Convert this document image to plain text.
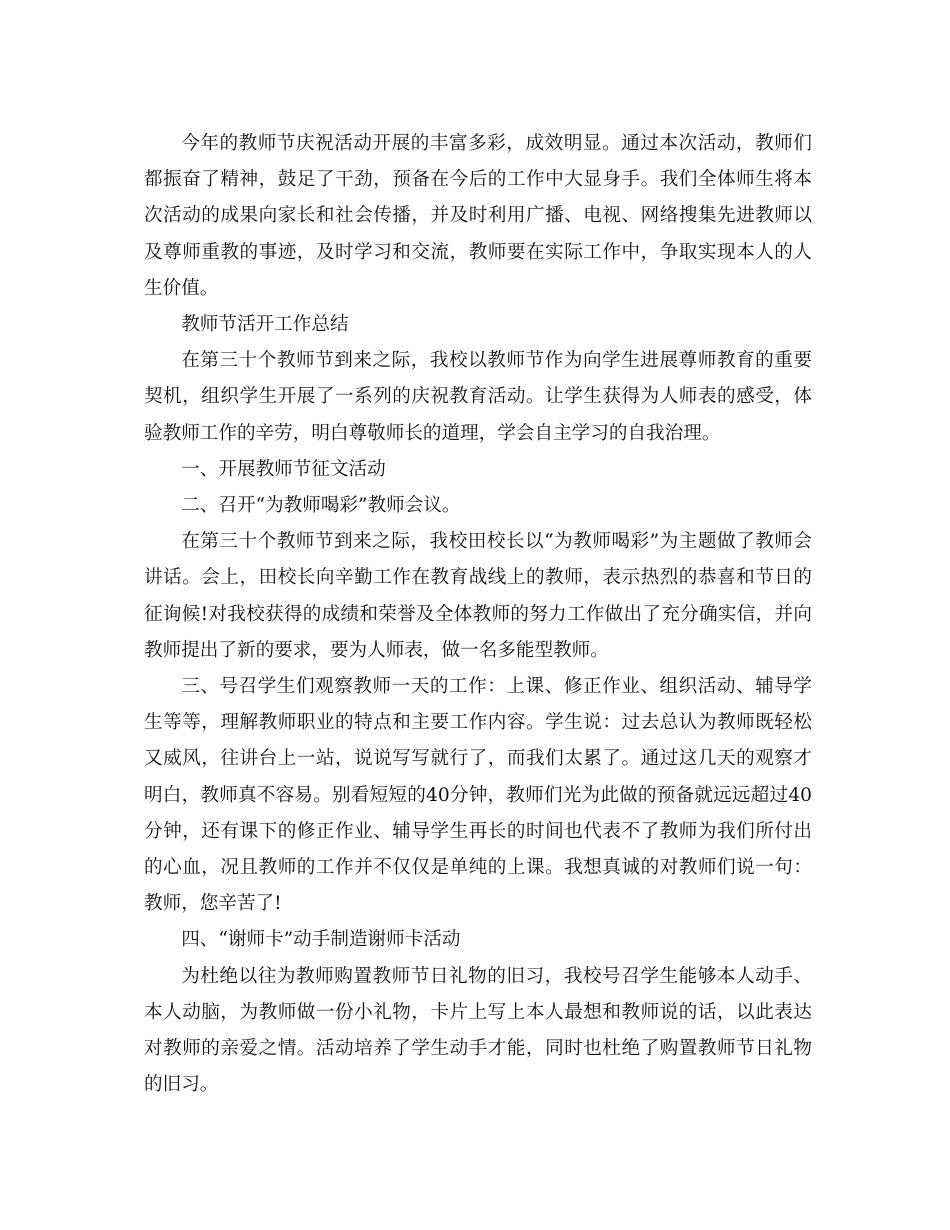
今年的教师节庆祝活动开展的丰富多彩，成效明显。通过本次活动，教师们都振奋了精神，鼓足了干劲，预备在今后的工作中大显身手。我们全体师生将本次活动的成果向家长和社会传播，并及时利用广播、电视、网络搜集先进教师以及尊师重教的事迹，及时学习和交流，教师要在实际工作中，争取实现本人的人生价值。

教师节活开工作总结

在第三十个教师节到来之际，我校以教师节作为向学生进展尊师教育的重要契机，组织学生开展了一系列的庆祝教育活动。让学生获得为人师表的感受，体验教师工作的辛劳，明白尊敬师长的道理，学会自主学习的自我治理。

一、开展教师节征文活动

二、召开“为教师喝彩”教师会议。

在第三十个教师节到来之际，我校田校长以“为教师喝彩”为主题做了教师会讲话。会上，田校长向辛勤工作在教育战线上的教师，表示热烈的恭喜和节日的征询候!对我校获得的成绩和荣誉及全体教师的努力工作做出了充分确实信，并向教师提出了新的要求，要为人师表，做一名多能型教师。

三、号召学生们观察教师一天的工作：上课、修正作业、组织活动、辅导学生等等，理解教师职业的特点和主要工作内容。学生说：过去总认为教师既轻松又威风，往讲台上一站，说说写写就行了，而我们太累了。通过这几天的观察才明白，教师真不容易。别看短短的40分钟，教师们光为此做的预备就远远超过40分钟，还有课下的修正作业、辅导学生再长的时间也代表不了教师为我们所付出的心血，况且教师的工作并不仅仅是单纯的上课。我想真诚的对教师们说一句：教师，您辛苦了!

四、“谢师卡”动手制造谢师卡活动

为杜绝以往为教师购置教师节日礼物的旧习，我校号召学生能够本人动手、本人动脑，为教师做一份小礼物，卡片上写上本人最想和教师说的话，以此表达对教师的亲爱之情。活动培养了学生动手才能，同时也杜绝了购置教师节日礼物的旧习。
